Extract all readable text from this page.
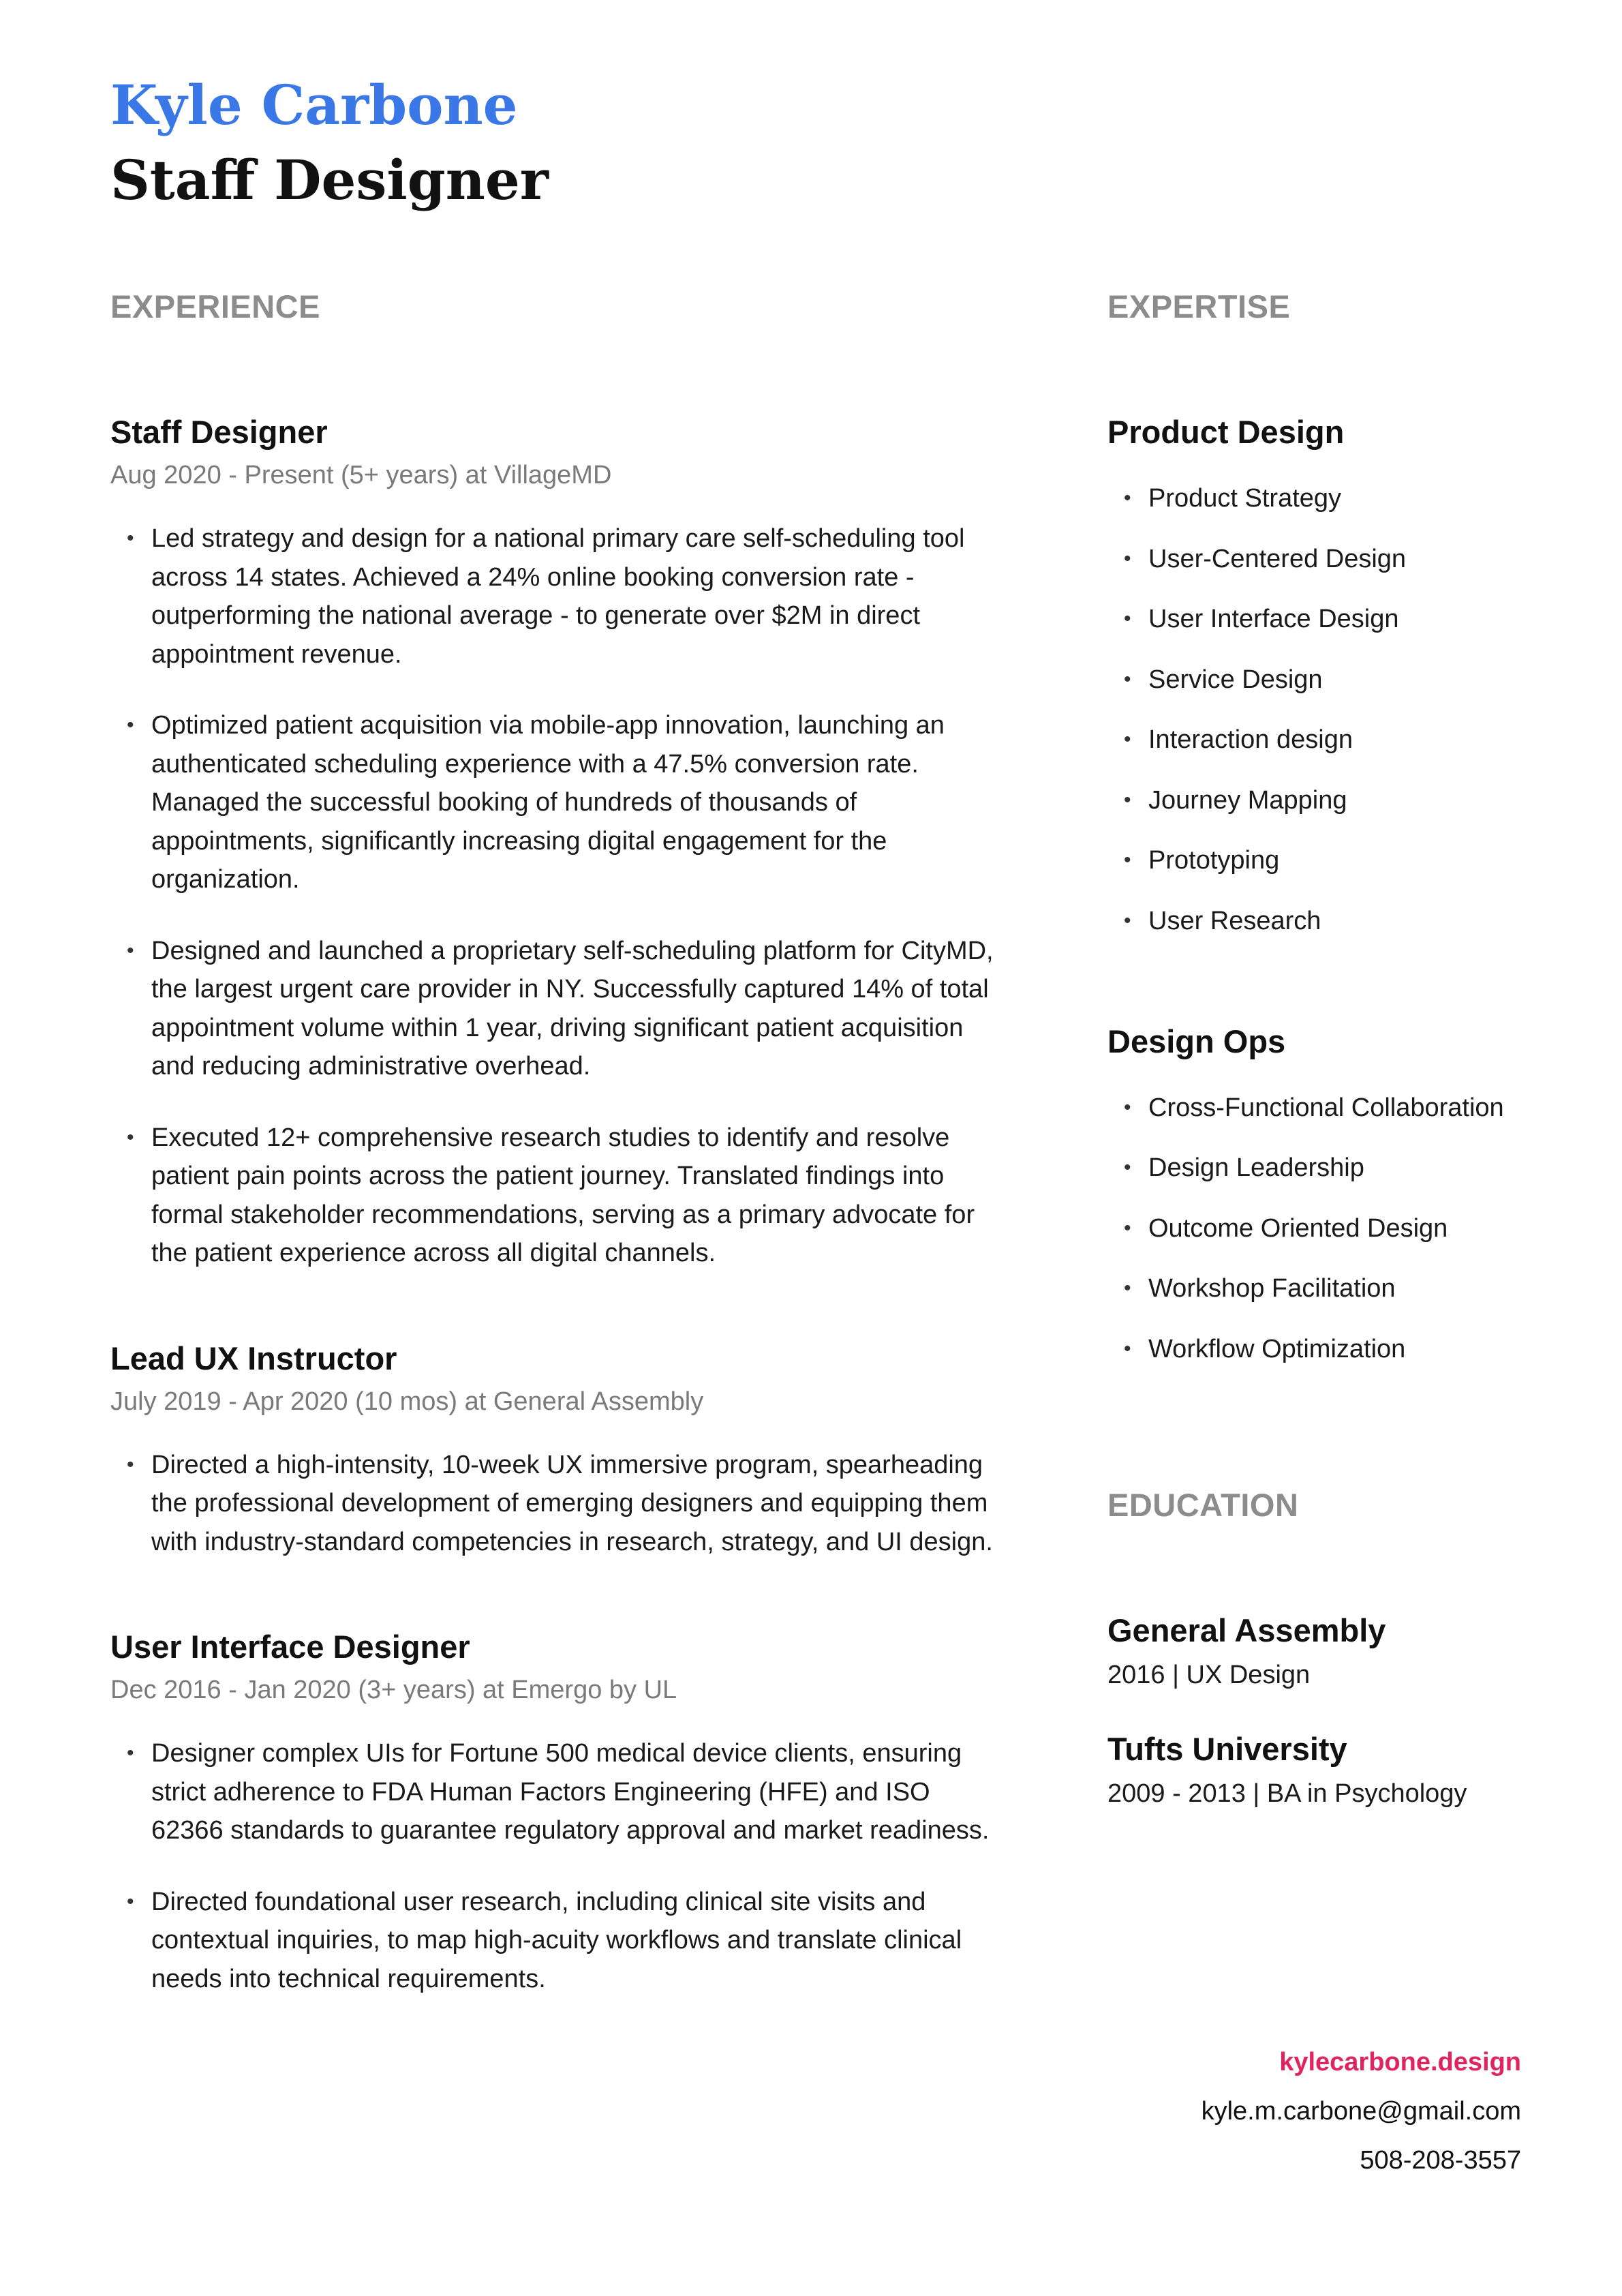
Kyle Carbone
Staff Designer
EXPERIENCE
Staff Designer

Aug 2020 - Present (5+ years) at VillageMD

• Led strategy and design for a national primary care self-scheduling tool across 14 states. Achieved a 24% online booking conversion rate - outperforming the national average - to generate over $2M in direct appointment revenue.
• Optimized patient acquisition via mobile-app innovation, launching an authenticated scheduling experience with a 47.5% conversion rate. Managed the successful booking of hundreds of thousands of appointments, significantly increasing digital engagement for the organization.
• Designed and launched a proprietary self-scheduling platform for CityMD, the largest urgent care provider in NY. Successfully captured 14% of total appointment volume within 1 year, driving significant patient acquisition and reducing administrative overhead.
• Executed 12+ comprehensive research studies to identify and resolve patient pain points across the patient journey. Translated findings into formal stakeholder recommendations, serving as a primary advocate for the patient experience across all digital channels.
Lead UX Instructor

July 2019 - Apr 2020 (10 mos) at General Assembly

• Directed a high-intensity, 10-week UX immersive program, spearheading the professional development of emerging designers and equipping them with industry-standard competencies in research, strategy, and UI design.
User Interface Designer

Dec 2016 - Jan 2020 (3+ years) at Emergo by UL

• Designer complex UIs for Fortune 500 medical device clients, ensuring strict adherence to FDA Human Factors Engineering (HFE) and ISO 62366 standards to guarantee regulatory approval and market readiness.
• Directed foundational user research, including clinical site visits and contextual inquiries, to map high-acuity workflows and translate clinical needs into technical requirements.
EXPERTISE
Product Design
• Product Strategy
• User-Centered Design
• User Interface Design
• Service Design
• Interaction design
• Journey Mapping
• Prototyping
• User Research
Design Ops
• Cross-Functional Collaboration
• Design Leadership
• Outcome Oriented Design
• Workshop Facilitation
• Workflow Optimization
EDUCATION
General Assembly

2016 | UX Design

Tufts University

2009 - 2013 | BA in Psychology

kylecarbone.design
kyle.m.carbone@gmail.com
508-208-3557
